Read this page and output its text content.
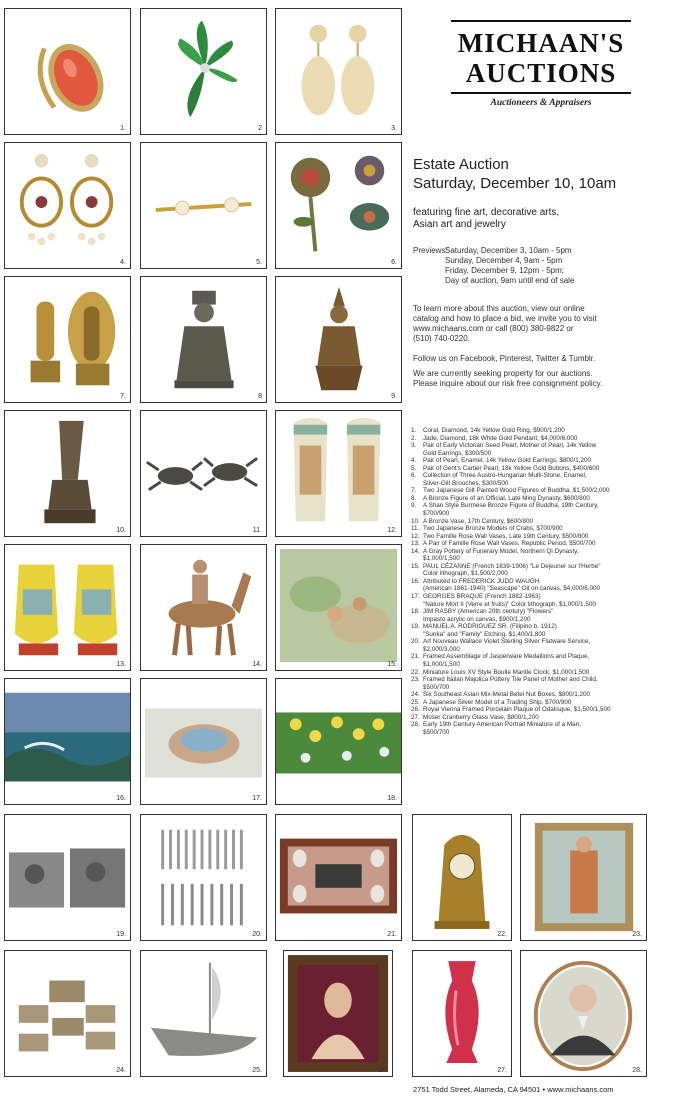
1.	2	3.
MICHAAN'S
AUCTIONS
Auctioneers & Appraisers
4.	5.	6.
Estate Auction
Saturday, December 10, 10am
featuring fine art, decorative arts,
Asian art and jewelry
Previews:
Saturday, December 3, 10am - 5pm
Sunday, December 4, 9am - 5pm
Friday, December 9, 12pm - 5pm;
Day of auction, 9am until end of sale
To learn more about this auction, view our online
catalog and how to place a bid, we invite you to visit
www.michaans.com or call (800) 380-9822 or
(510) 740-0220.
Follow us on Facebook, Pinterest, Twitter & Tumblr.
We are currently seeking property for our auctions.
Please inquire about our risk free consignment policy.
7.	8	9.
10.	11.	12.
1.	Coral, Diamond, 14k Yellow Gold Ring, $900/1,200
2.	Jade, Diamond, 18k White Gold Pendant, $4,000/6,000
3.	Pair of Early Victorian Seed Pearl, Mother of Pearl, 14k Yellow
Gold Earrings, $300/500
4.	Pair of Pearl, Enamel, 14k Yellow Gold Earrings, $800/1,200
5.	Pair of Gent's Cartier Pearl, 18k Yellow Gold Buttons, $400/600
6.	Collection of Three Austro-Hungarian Multi-Stone, Enamel,
Silver-Gilt Brooches, $300/500
7.	Two Japanese Gilt Painted Wood Figures of Buddha, $1,500/2,000
8.	A Bronze Figure of an Official, Late Ming Dynasty, $600/800
9.	A Shan Style Burmese Bronze Figure of Buddha, 19th Century,
$700/900
10. A Bronze Vase, 17th Century, $600/800
11. Two Japanese Bronze Models of Crabs, $700/900
12. Two Famille Rose Wall Vases, Late 19th Century, $500/800
13. A Pair of Famille Rose Wall Vases, Republic Period, $500/700
14. A Gray Pottery of Funerary Model, Northern Qi Dynasty,
$1,000/1,500
15. PAUL CÉZANNE (French 1839-1906) "Le Dejeuner sur l'Herbe"
Color lithograph, $1,500/2,000
16. Attributed to FREDERICK JUDD WAUGH
(American 1861-1940) "Seascape" Oil on canvas, $4,000/6,000
17. GEORGES BRAQUE (French 1882-1963)
"Nature Mort II (Verre et fruits)" Color lithograph, $1,000/1,500
18. JIM RASBY (American 20th century) "Flowers"
Impasto acrylic on canvas, $900/1,200
19. MANUEL A. RODRIGUEZ SR. (Filipino b. 1912)
"Sunka" and "Family" Etching, $1,400/1,800
20. Art Nouveau Wallace Violet Sterling Silver Flatware Service,
$2,000/3,000
21. Framed Assemblage of Jasperware Medallions and Plaque,
$1,000/1,500
22. Miniature Louis XV Style Boulle Mantle Clock, $1,000/1,500
23. Framed Italian Majolica Pottery Tile Panel of Mother and Child,
$500/700
24. Six Southeast Asian Mix-Metal Betel Nut Boxes, $800/1,200
25. A Japanese Silver Model of a Trading Ship, $700/900
26. Royal Vienna Framed Porcelain Plaque of Odalisque, $1,500/1,500
27. Moser Cranberry Glass Vase, $800/1,200
28. Early 19th Century American Portrait Miniature of a Man,
$500/700
13.	14.	15.
16.	17.	18.
19.	20.	21.	22.	23.
24.	25.	26.	27.	28.
2751 Todd Street, Alameda, CA 94501 • www.michaans.com
